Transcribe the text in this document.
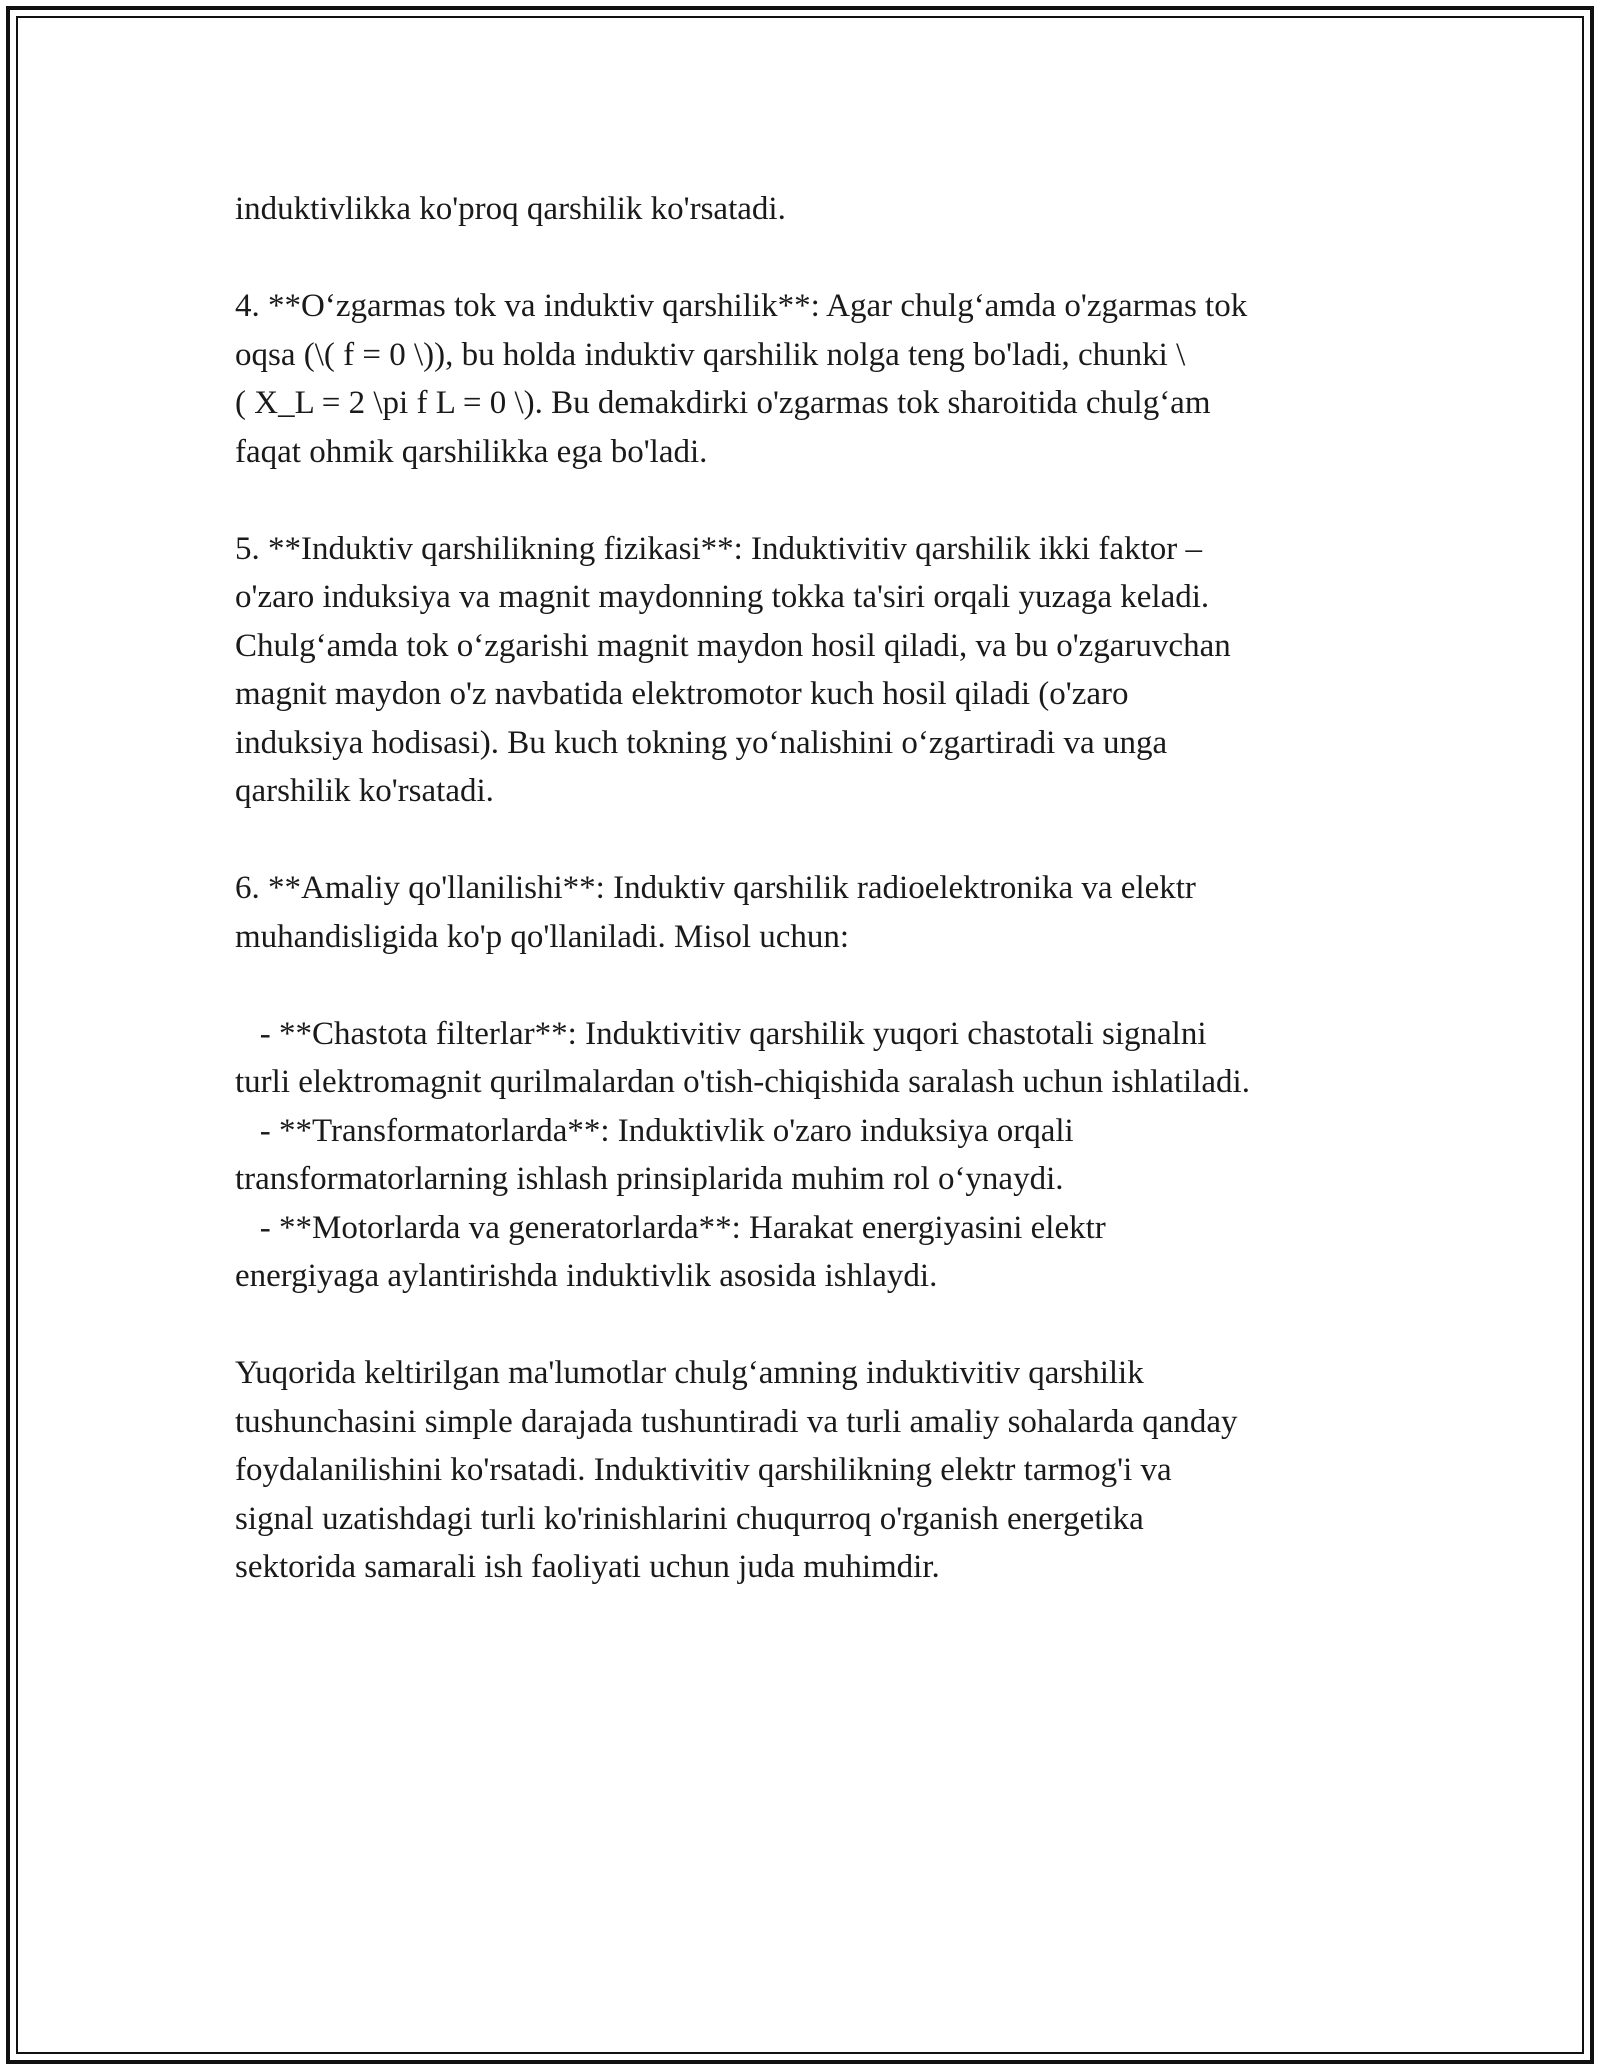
induktivlikka ko'proq qarshilik ko'rsatadi.
4. **O‘zgarmas tok va induktiv qarshilik**: Agar chulg‘amda o'zgarmas tok
oqsa (\( f = 0 \)), bu holda induktiv qarshilik nolga teng bo'ladi, chunki \
( X_L = 2 \pi f L = 0 \). Bu demakdirki o'zgarmas tok sharoitida chulg‘am
faqat ohmik qarshilikka ega bo'ladi.
5. **Induktiv qarshilikning fizikasi**: Induktivitiv qarshilik ikki faktor –
o'zaro induksiya va magnit maydonning tokka ta'siri orqali yuzaga keladi.
Chulg‘amda tok o‘zgarishi magnit maydon hosil qiladi, va bu o'zgaruvchan
magnit maydon o'z navbatida elektromotor kuch hosil qiladi (o'zaro
induksiya hodisasi). Bu kuch tokning yo‘nalishini o‘zgartiradi va unga
qarshilik ko'rsatadi.
6. **Amaliy qo'llanilishi**: Induktiv qarshilik radioelektronika va elektr
muhandisligida ko'p qo'llaniladi. Misol uchun:
- **Chastota filterlar**: Induktivitiv qarshilik yuqori chastotali signalni
turli elektromagnit qurilmalardan o'tish-chiqishida saralash uchun ishlatiladi.
- **Transformatorlarda**: Induktivlik o'zaro induksiya orqali
transformatorlarning ishlash prinsiplarida muhim rol o‘ynaydi.
- **Motorlarda va generatorlarda**: Harakat energiyasini elektr
energiyaga aylantirishda induktivlik asosida ishlaydi.
Yuqorida keltirilgan ma'lumotlar chulg‘amning induktivitiv qarshilik
tushunchasini simple darajada tushuntiradi va turli amaliy sohalarda qanday
foydalanilishini ko'rsatadi. Induktivitiv qarshilikning elektr tarmog'i va
signal uzatishdagi turli ko'rinishlarini chuqurroq o'rganish energetika
sektorida samarali ish faoliyati uchun juda muhimdir.
